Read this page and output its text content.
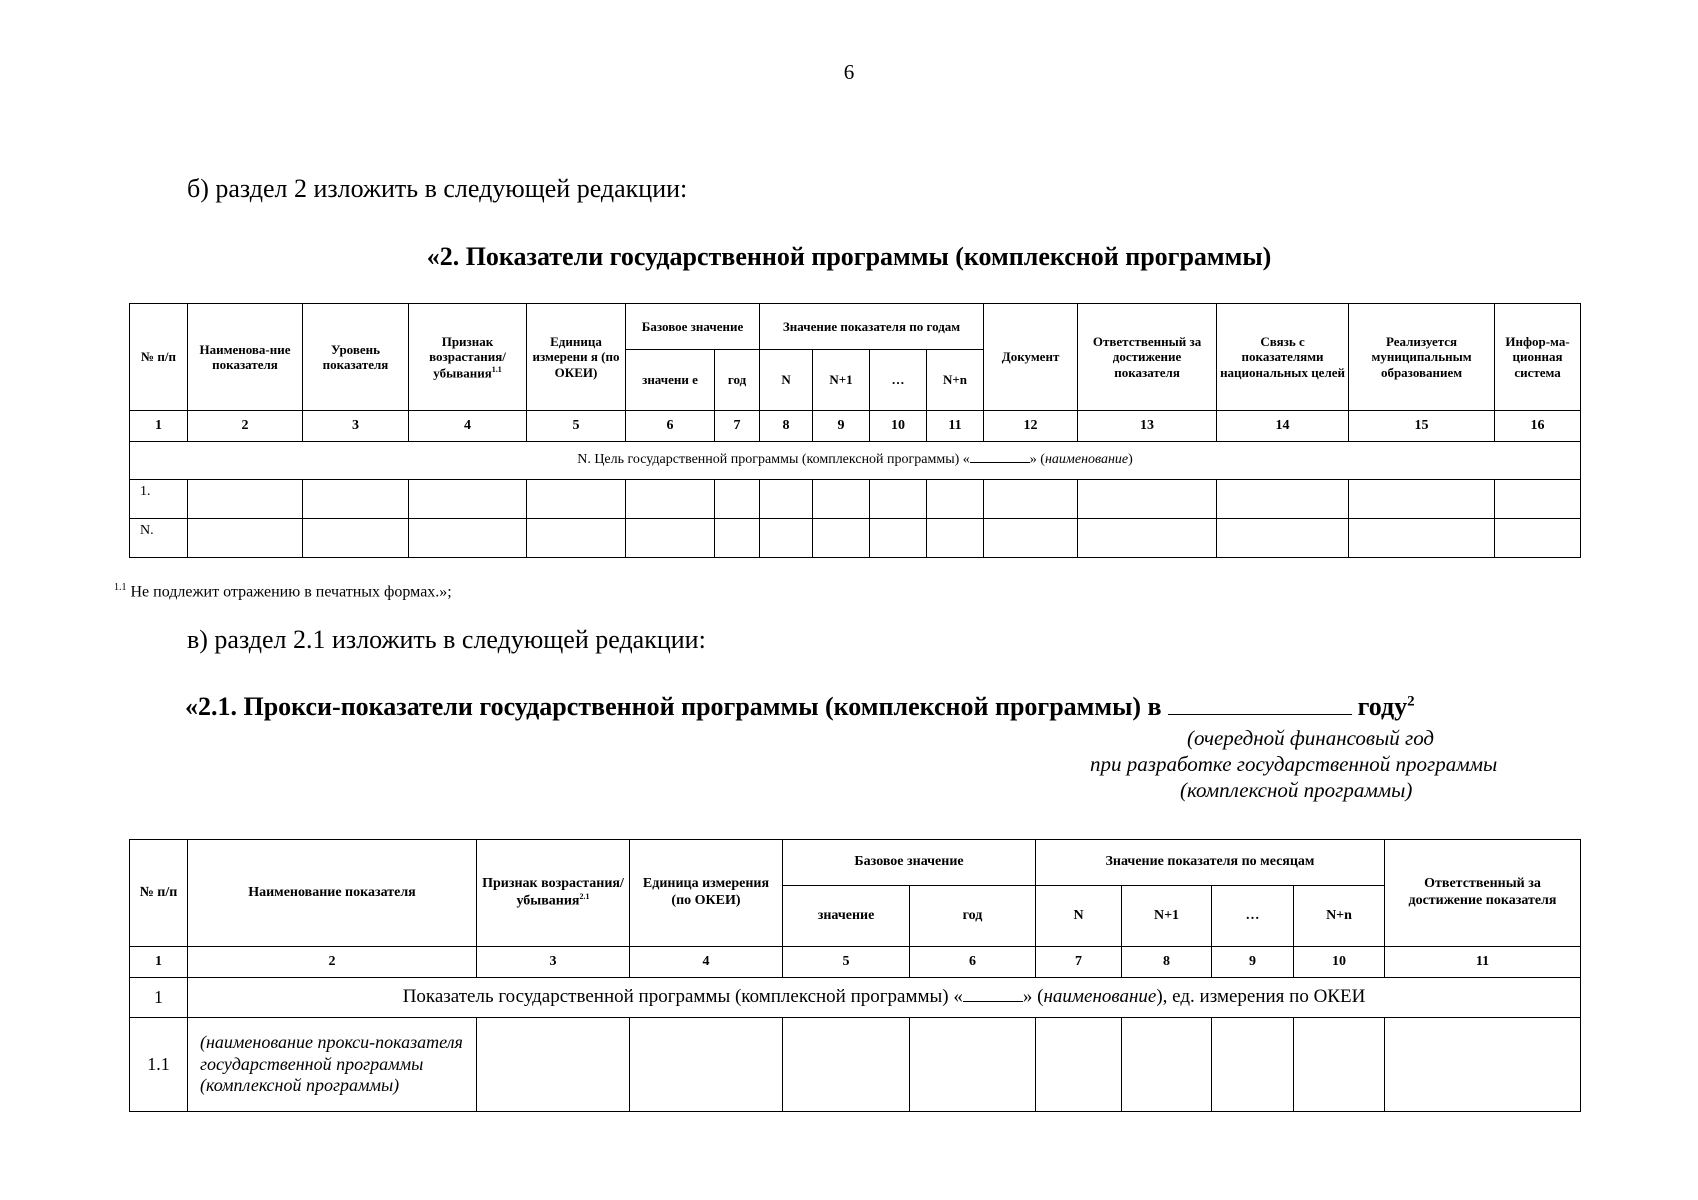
6
б) раздел 2 изложить в следующей редакции:
«2. Показатели государственной программы (комплексной программы)
№ п/п	Наименова-ние показателя	Уровень показателя	Признак возрастания/ убывания$^{1.1}$	Единица измерени я (по ОКЕИ)	Базовое значение		Значение показателя по годам				Документ	Ответственный за достижение показателя	Связь с показателями национальных целей	Реализуется муниципальным образованием	Инфор-ма-ционная система
					значени е	год	N	N+1	…	N+n					
1	2	3	4	5	6	7	8	9	10	11	12	13	14	15	16
N. Цель государственной программы (комплексной программы) « » (наименование)															
1.															
N.															
$^{1.1}$ Не подлежит отражению в печатных формах.»;
в) раздел 2.1 изложить в следующей редакции:
«2.1. Прокси-показатели государственной программы (комплексной программы) в	году$^2$
(очередной финансовый год
при разработке государственной программы
(комплексной программы)
№ п/п	Наименование показателя	Признак возрастания/ убывания$^{2.1}$	Единица измерения (по ОКЕИ)	Базовое значение		Значение показателя по месяцам				Ответственный за достижение показателя
				значение	год	N	N+1	…	N+n	
1	2	3	4	5	6	7	8	9	10	11
1	Показатель государственной программы (комплексной программы) « » (наименование), ед. измерения по ОКЕИ									
1.1	(наименование прокси-показателя государственной программы (комплексной программы)									
